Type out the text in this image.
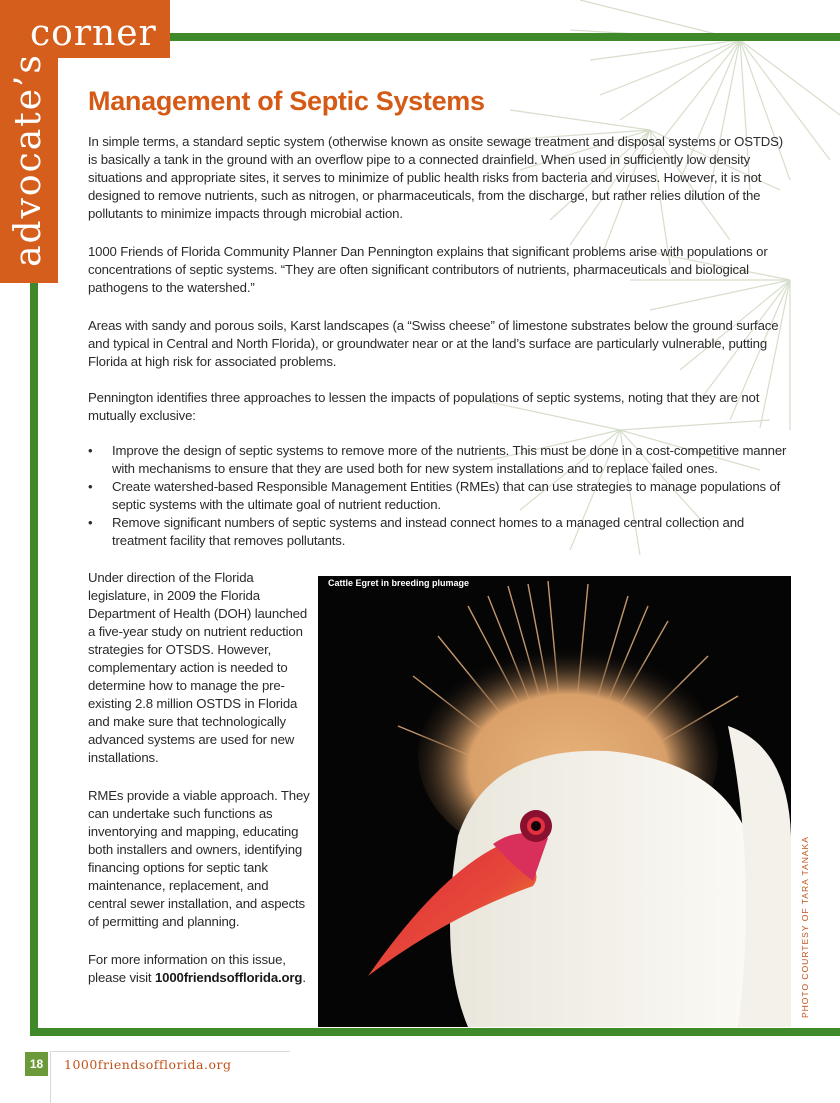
corner
advocate’s Management of Septic Systems
In simple terms, a standard septic system (otherwise known as onsite sewage treatment and disposal systems or OSTDS) is basically a tank in the ground with an overflow pipe to a connected drainfield. When used in sufficiently low density situations and appropriate sites, it serves to minimize of public health risks from bacteria and viruses. However, it is not designed to remove nutrients, such as nitrogen, or pharmaceuticals, from the discharge, but rather relies dilution of the pollutants to minimize impacts through microbial action.
1000 Friends of Florida Community Planner Dan Pennington explains that significant problems arise with populations or concentrations of septic systems. “They are often significant contributors of nutrients, pharmaceuticals and biological pathogens to the watershed.”
Areas with sandy and porous soils, Karst landscapes (a “Swiss cheese” of limestone substrates below the ground surface and typical in Central and North Florida), or groundwater near or at the land’s surface are particularly vulnerable, putting Florida at high risk for associated problems.
Pennington identifies three approaches to lessen the impacts of populations of septic systems, noting that they are not mutually exclusive:
• Improve the design of septic systems to remove more of the nutrients. This must be done in a cost-competitive manner with mechanisms to ensure that they are used both for new system installations and to replace failed ones.
• Create watershed-based Responsible Management Entities (RMEs) that can use strategies to manage populations of septic systems with the ultimate goal of nutrient reduction.
• Remove significant numbers of septic systems and instead connect homes to a managed central collection and treatment facility that removes pollutants.
Under direction of the Florida legislature, in 2009 the Florida Department of Health (DOH) launched a five-year study on nutrient reduction strategies for OTSDS. However, complementary action is needed to determine how to manage the pre-existing 2.8 million OSTDS in Florida and make sure that technologically advanced systems are used for new installations.
RMEs provide a viable approach. They can undertake such functions as inventorying and mapping, educating both installers and owners, identifying financing options for septic tank maintenance, replacement, and central sewer installation, and aspects of permitting and planning.
For more information on this issue, please visit 1000friendsofflorida.org.
Cattle Egret in breeding plumage
PHOTO COURTESY OF TARA TANAKA
18	1000friendsofflorida.org
